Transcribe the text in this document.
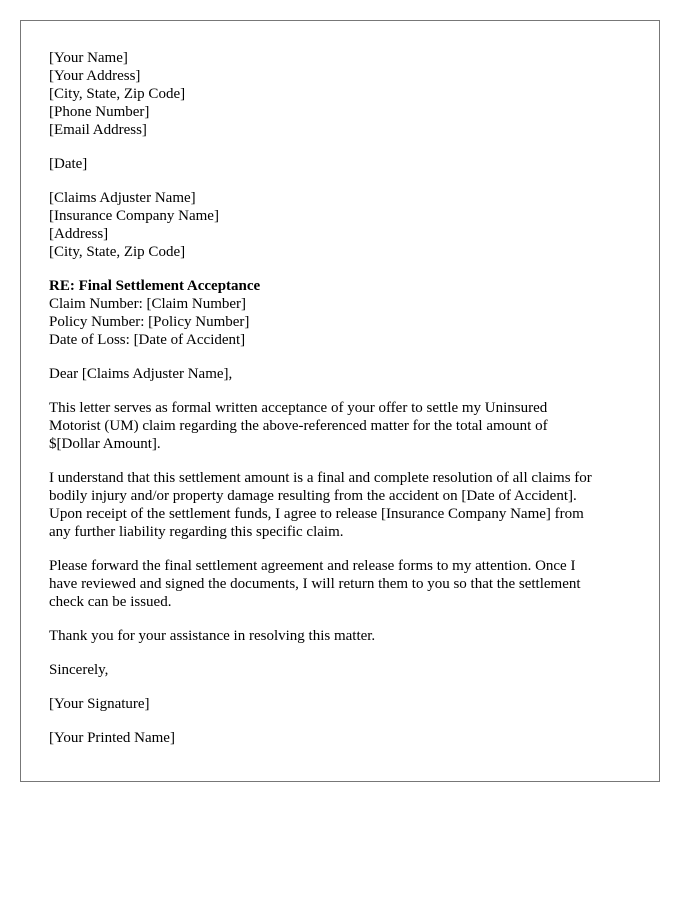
[Your Name]
[Your Address]
[City, State, Zip Code]
[Phone Number]
[Email Address]
[Date]
[Claims Adjuster Name]
[Insurance Company Name]
[Address]
[City, State, Zip Code]
RE: Final Settlement Acceptance
Claim Number: [Claim Number]
Policy Number: [Policy Number]
Date of Loss: [Date of Accident]
Dear [Claims Adjuster Name],
This letter serves as formal written acceptance of your offer to settle my Uninsured
Motorist (UM) claim regarding the above-referenced matter for the total amount of
$[Dollar Amount].
I understand that this settlement amount is a final and complete resolution of all claims for
bodily injury and/or property damage resulting from the accident on [Date of Accident].
Upon receipt of the settlement funds, I agree to release [Insurance Company Name] from
any further liability regarding this specific claim.
Please forward the final settlement agreement and release forms to my attention. Once I
have reviewed and signed the documents, I will return them to you so that the settlement
check can be issued.
Thank you for your assistance in resolving this matter.
Sincerely,
[Your Signature]
[Your Printed Name]
